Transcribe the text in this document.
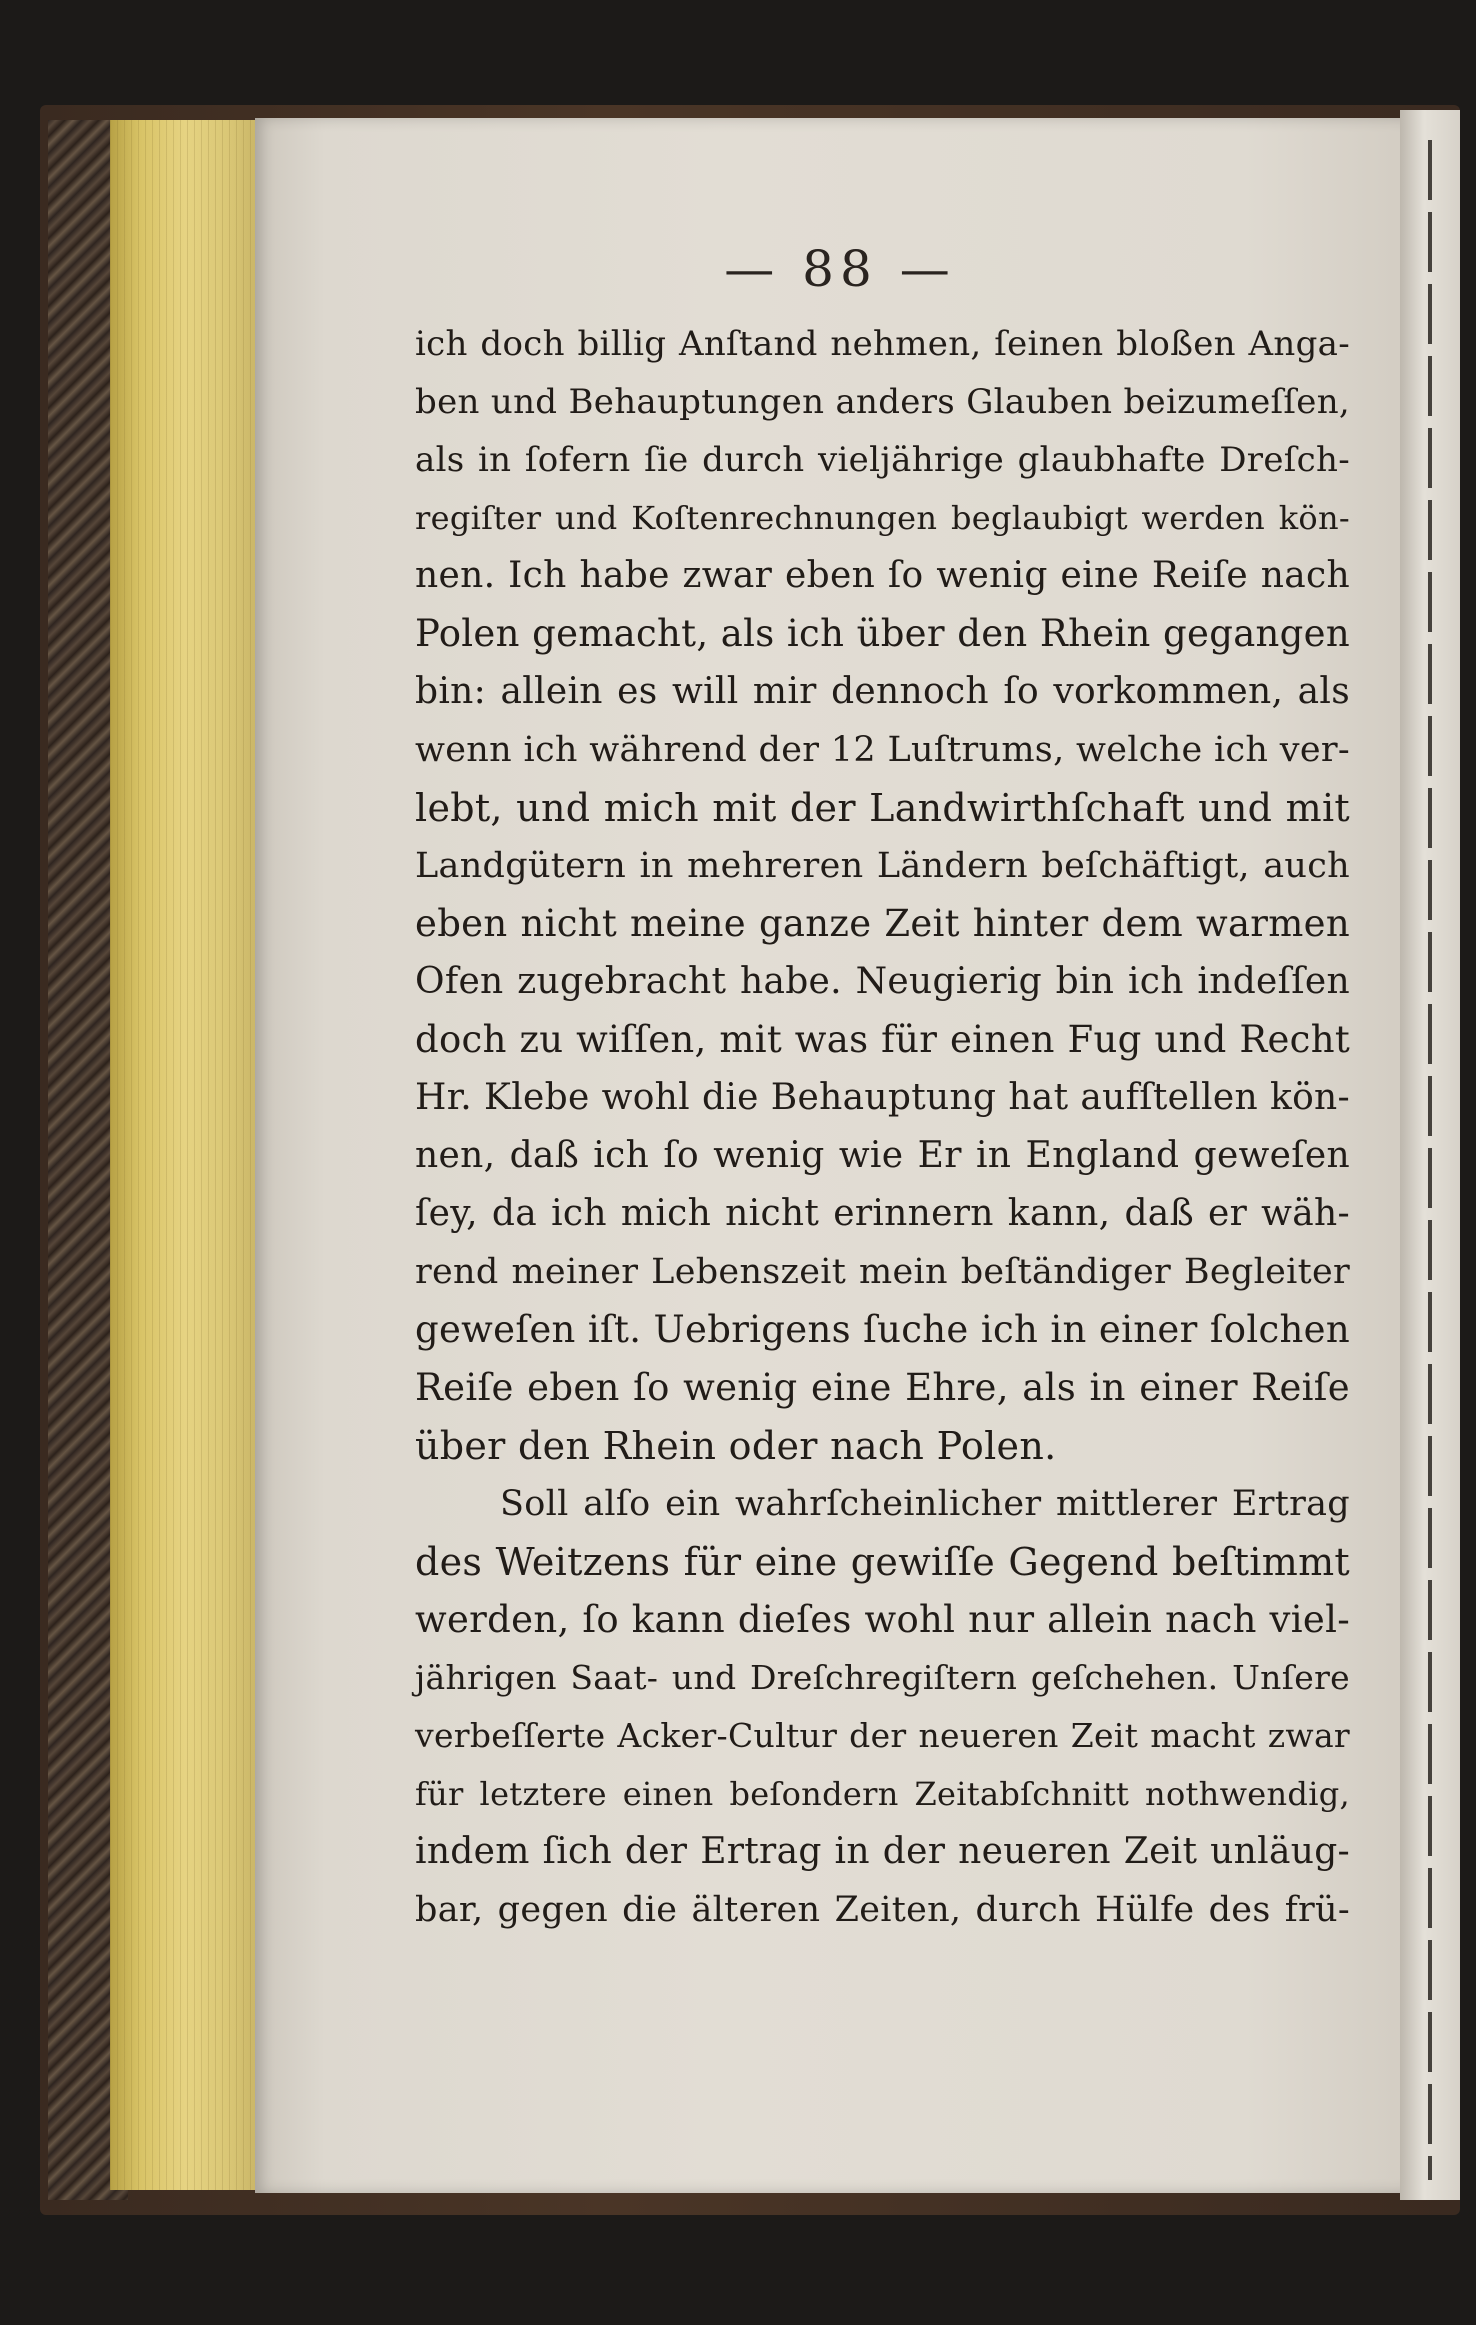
— 88 —
ich doch billig Anſtand nehmen, ſeinen bloßen Anga-
ben und Behauptungen anders Glauben beizumeſſen,
als in ſofern ſie durch vieljährige glaubhafte Dreſch-
regiſter und Koſtenrechnungen beglaubigt werden kön-
nen. Ich habe zwar eben ſo wenig eine Reiſe nach
Polen gemacht, als ich über den Rhein gegangen
bin: allein es will mir dennoch ſo vorkommen, als
wenn ich während der 12 Luſtrums, welche ich ver-
lebt, und mich mit der Landwirthſchaft und mit
Landgütern in mehreren Ländern beſchäftigt, auch
eben nicht meine ganze Zeit hinter dem warmen
Ofen zugebracht habe. Neugierig bin ich indeſſen
doch zu wiſſen, mit was für einen Fug und Recht
Hr. Klebe wohl die Behauptung hat aufſtellen kön-
nen, daß ich ſo wenig wie Er in England geweſen
ſey, da ich mich nicht erinnern kann, daß er wäh-
rend meiner Lebenszeit mein beſtändiger Begleiter
geweſen iſt. Uebrigens ſuche ich in einer ſolchen
Reiſe eben ſo wenig eine Ehre, als in einer Reiſe
über den Rhein oder nach Polen.
Soll alſo ein wahrſcheinlicher mittlerer Ertrag
des Weitzens für eine gewiſſe Gegend beſtimmt
werden, ſo kann dieſes wohl nur allein nach viel-
jährigen Saat- und Dreſchregiſtern geſchehen. Unſere
verbeſſerte Acker-Cultur der neueren Zeit macht zwar
für letztere einen beſondern Zeitabſchnitt nothwendig,
indem ſich der Ertrag in der neueren Zeit unläug-
bar, gegen die älteren Zeiten, durch Hülfe des frü-
